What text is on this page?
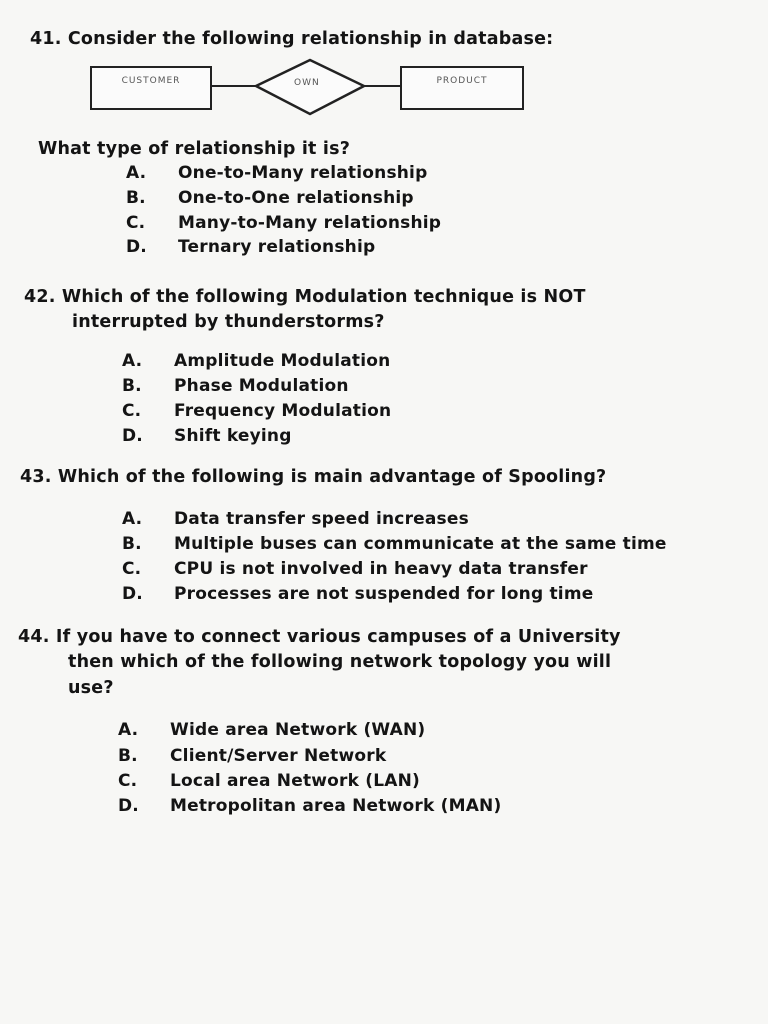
41. Consider the following relationship in database:
CUSTOMER	OWN	PRODUCT
What type of relationship it is?
A. One-to-Many relationship
B. One-to-One relationship
C. Many-to-Many relationship
D. Ternary relationship
42. Which of the following Modulation technique is NOT
interrupted by thunderstorms?
A. Amplitude Modulation
B. Phase Modulation
C. Frequency Modulation
D. Shift keying
43. Which of the following is main advantage of Spooling?
A. Data transfer speed increases
B. Multiple buses can communicate at the same time
C. CPU is not involved in heavy data transfer
D. Processes are not suspended for long time
44. If you have to connect various campuses of a University
then which of the following network topology you will
use?
A. Wide area Network (WAN)
B. Client/Server Network
C. Local area Network (LAN)
D. Metropolitan area Network (MAN)
